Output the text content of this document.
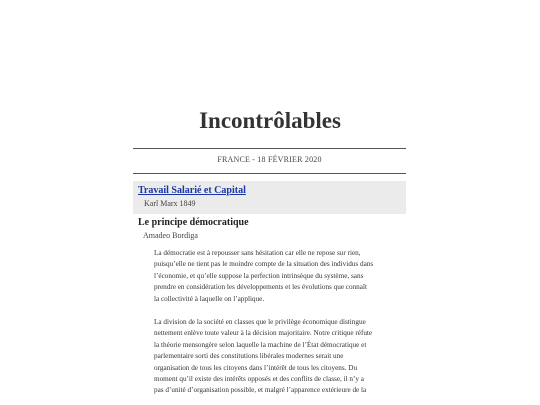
Incontrôlables
FRANCE - 18 FÉVRIER 2020
Travail Salarié et Capital
Karl Marx 1849
Le principe démocratique
Amadeo Bordiga
La démocratie est à repousser sans hésitation car elle ne repose sur rien,
puisqu’elle ne tient pas le moindre compte de la situation des individus dans
l’économie, et qu’elle suppose la perfection intrinsèque du système, sans
prendre en considération les développements et les évolutions que connaît
la collectivité à laquelle on l’applique.
La division de la société en classes que le privilège économique distingue
nettement enlève toute valeur à la décision majoritaire. Notre critique réfute
la théorie mensongère selon laquelle la machine de l’État démocratique et
parlementaire sorti des constitutions libérales modernes serait une
organisation de tous les citoyens dans l’intérêt de tous les citoyens. Du
moment qu’il existe des intérêts opposés et des conflits de classe, il n’y a
pas d’unité d’organisation possible, et malgré l’apparence extérieure de la
